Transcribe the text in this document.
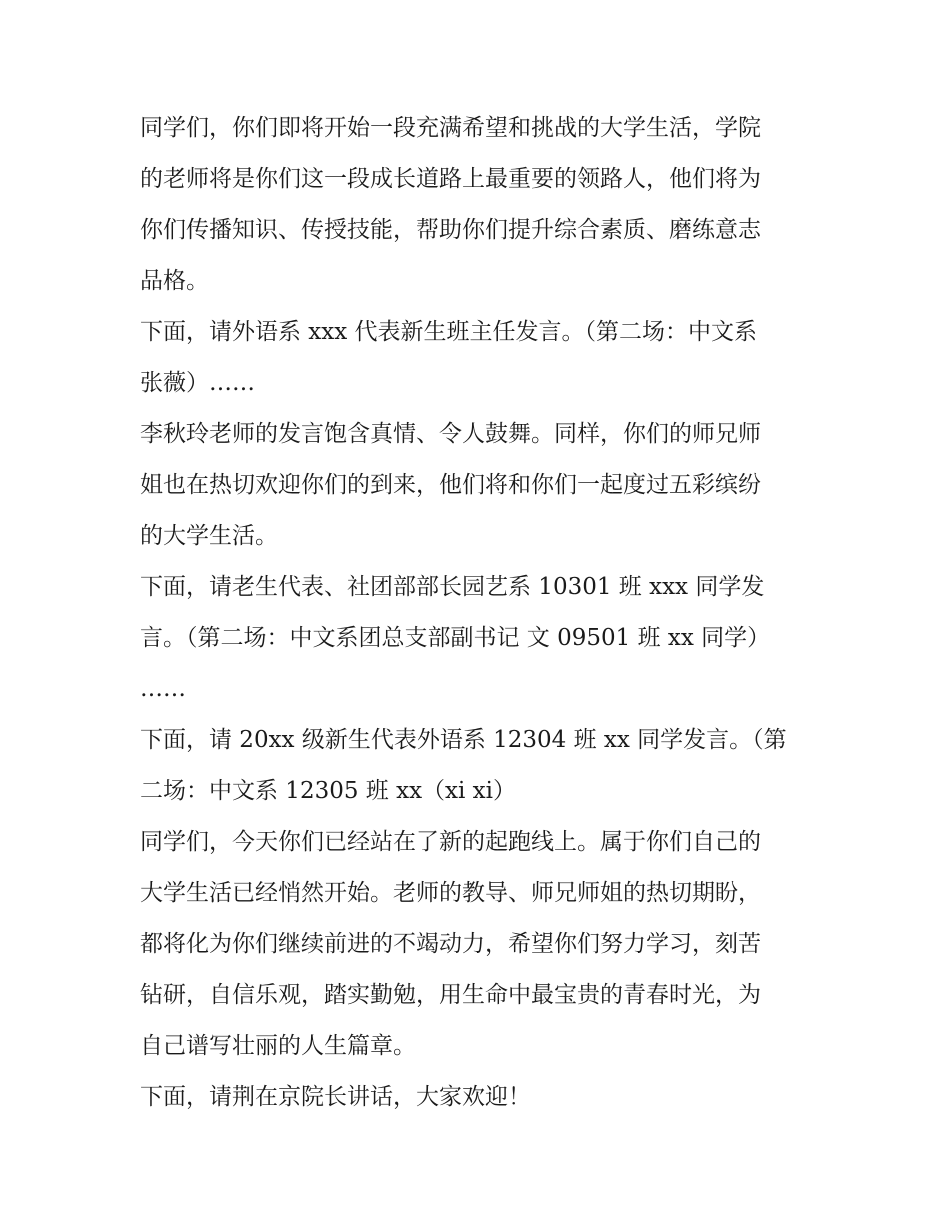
同学们，你们即将开始一段充满希望和挑战的大学生活，学院
的老师将是你们这一段成长道路上最重要的领路人，他们将为
你们传播知识、传授技能，帮助你们提升综合素质、磨练意志
品格。
下面，请外语系 xxx 代表新生班主任发言。（第二场：中文系
张薇）……
李秋玲老师的发言饱含真情、令人鼓舞。同样，你们的师兄师
姐也在热切欢迎你们的到来，他们将和你们一起度过五彩缤纷
的大学生活。
下面，请老生代表、社团部部长园艺系 10301 班 xxx 同学发
言。（第二场：中文系团总支部副书记 文 09501 班 xx 同学）
……
下面，请 20xx 级新生代表外语系 12304 班 xx 同学发言。（第
二场：中文系 12305 班 xx（xi xi）
同学们，今天你们已经站在了新的起跑线上。属于你们自己的
大学生活已经悄然开始。老师的教导、师兄师姐的热切期盼，
都将化为你们继续前进的不竭动力，希望你们努力学习，刻苦
钻研，自信乐观，踏实勤勉，用生命中最宝贵的青春时光，为
自己谱写壮丽的人生篇章。
下面，请荆在京院长讲话，大家欢迎！
